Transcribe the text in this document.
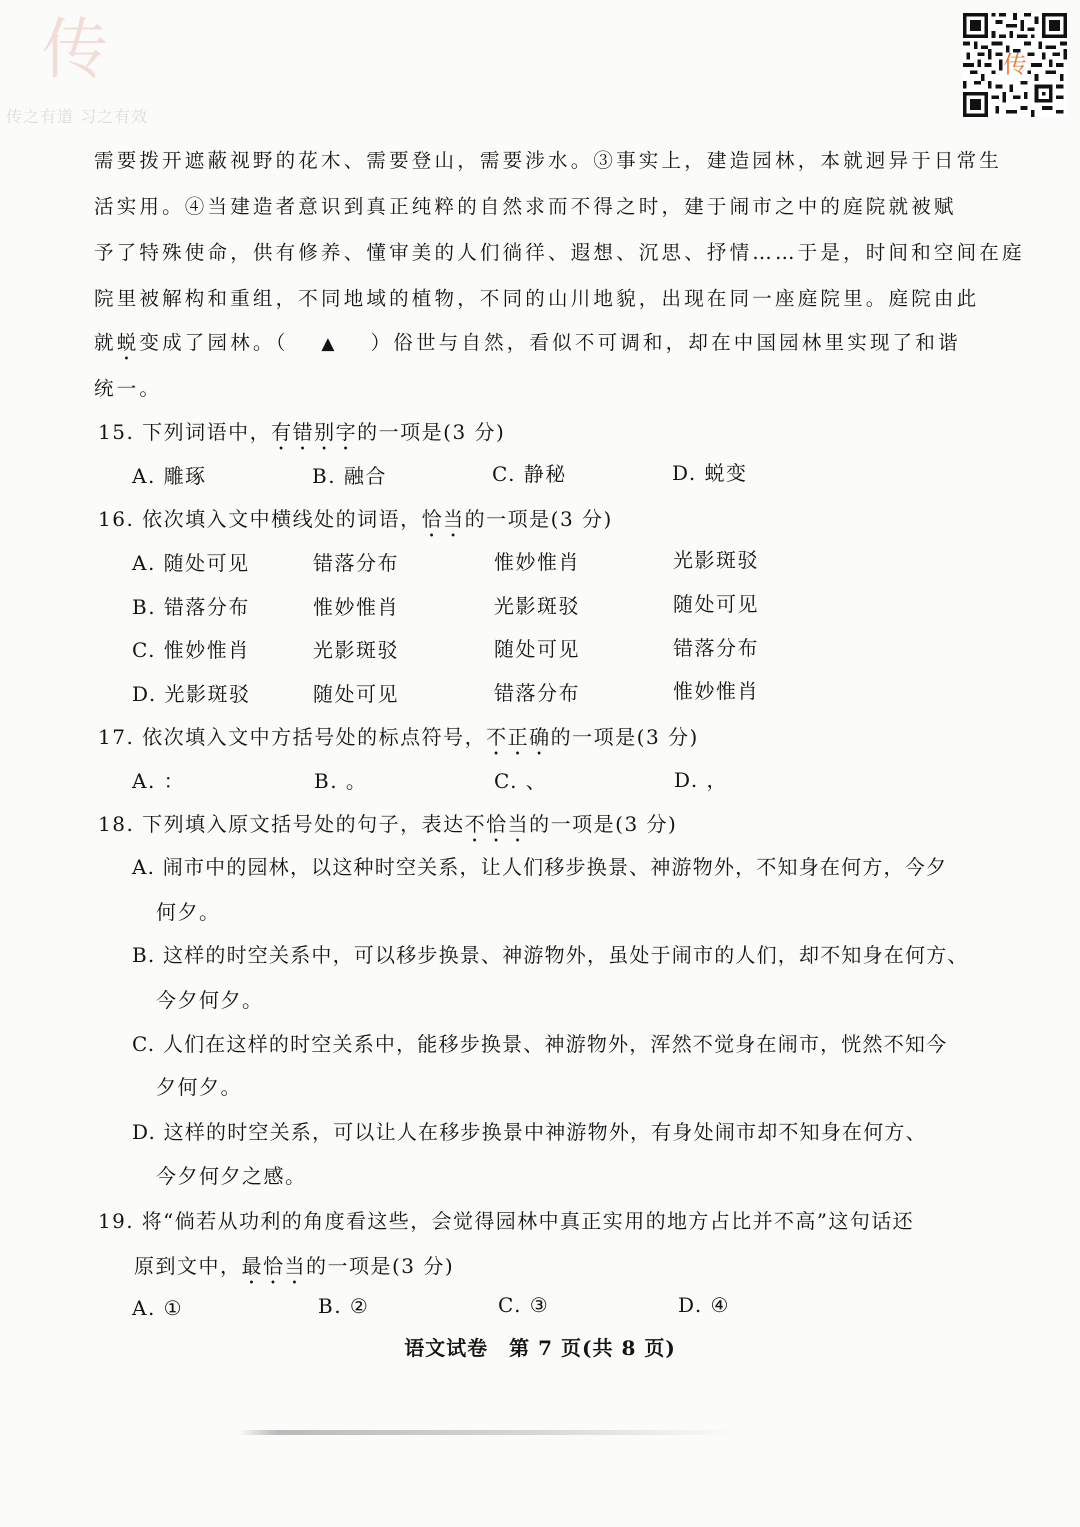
传
传之有道 习之有效
传
需要拨开遮蔽视野的花木、需要登山，需要涉水。③事实上，建造园林，本就迥异于日常生
活实用。④当建造者意识到真正纯粹的自然求而不得之时，建于闹市之中的庭院就被赋
予了特殊使命，供有修养、懂审美的人们徜徉、遐想、沉思、抒情……于是，时间和空间在庭
院里被解构和重组，不同地域的植物，不同的山川地貌，出现在同一座庭院里。庭院由此
就蜕变成了园林。（ ▲ ）俗世与自然，看似不可调和，却在中国园林里实现了和谐
统一。
15. 下列词语中，有错别字的一项是(3 分)
A. 雕琢	B. 融合	C. 静秘	D. 蜕变
16. 依次填入文中横线处的词语，恰当的一项是(3 分)
A. 随处可见	错落分布	惟妙惟肖	光影斑驳
B. 错落分布	惟妙惟肖	光影斑驳	随处可见
C. 惟妙惟肖	光影斑驳	随处可见	错落分布
D. 光影斑驳	随处可见	错落分布	惟妙惟肖
17. 依次填入文中方括号处的标点符号，不正确的一项是(3 分)
A. ：	B. 。	C. 、	D. ，
18. 下列填入原文括号处的句子，表达不恰当的一项是(3 分)
A. 闹市中的园林，以这种时空关系，让人们移步换景、神游物外，不知身在何方，今夕
何夕。
B. 这样的时空关系中，可以移步换景、神游物外，虽处于闹市的人们，却不知身在何方、
今夕何夕。
C. 人们在这样的时空关系中，能移步换景、神游物外，浑然不觉身在闹市，恍然不知今
夕何夕。
D. 这样的时空关系，可以让人在移步换景中神游物外，有身处闹市却不知身在何方、
今夕何夕之感。
19. 将“倘若从功利的角度看这些，会觉得园林中真正实用的地方占比并不高”这句话还
原到文中，最恰当的一项是(3 分)
A. ①	B. ②	C. ③	D. ④
语文试卷　第 7 页(共 8 页)
